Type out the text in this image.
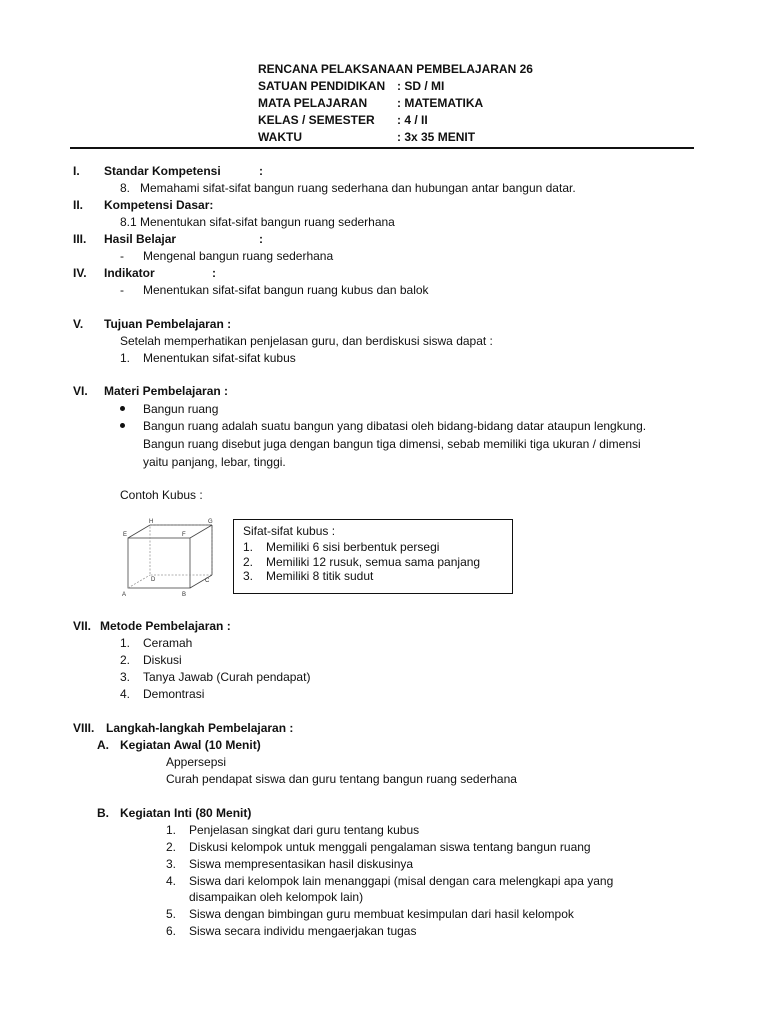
RENCANA PELAKSANAAN PEMBELAJARAN 26
SATUAN PENDIDIKAN : SD / MI
MATA PELAJARAN : MATEMATIKA
KELAS / SEMESTER : 4 / II
WAKTU	: 3x 35 MENIT
I. Standar Kompetensi	:
8.   Memahami sifat-sifat bangun ruang sederhana dan hubungan antar bangun datar.
II. Kompetensi Dasar:
8.1 Menentukan sifat-sifat bangun ruang sederhana
III. Hasil Belajar	:
- Mengenal bangun ruang sederhana
IV. Indikator	:
- Menentukan sifat-sifat bangun ruang kubus dan balok
V. Tujuan Pembelajaran :
Setelah memperhatikan penjelasan guru, dan berdiskusi siswa dapat :
1. Menentukan sifat-sifat kubus
VI. Materi Pembelajaran :
Bangun ruang
Bangun ruang adalah suatu bangun yang dibatasi oleh bidang-bidang datar ataupun lengkung.
Bangun ruang disebut juga dengan bangun tiga dimensi, sebab memiliki tiga ukuran / dimensi
yaitu panjang, lebar, tinggi.
Contoh Kubus :
H	G
E	F
D	C
A	B
Sifat-sifat kubus :
1. Memiliki 6 sisi berbentuk persegi
2. Memiliki 12 rusuk, semua sama panjang
3. Memiliki 8 titik sudut
VII. Metode Pembelajaran :
1. Ceramah
2. Diskusi
3. Tanya Jawab (Curah pendapat)
4. Demontrasi
VIII. Langkah-langkah Pembelajaran :
A. Kegiatan Awal (10 Menit)
Appersepsi
Curah pendapat siswa dan guru tentang bangun ruang sederhana
B. Kegiatan Inti (80 Menit)
1. Penjelasan singkat dari guru tentang kubus
2. Diskusi kelompok untuk menggali pengalaman siswa tentang bangun ruang
3. Siswa mempresentasikan hasil diskusinya
4. Siswa dari kelompok lain menanggapi (misal dengan cara melengkapi apa yang
disampaikan oleh kelompok lain)
5. Siswa dengan bimbingan guru membuat kesimpulan dari hasil kelompok
6. Siswa secara individu mengaerjakan tugas
